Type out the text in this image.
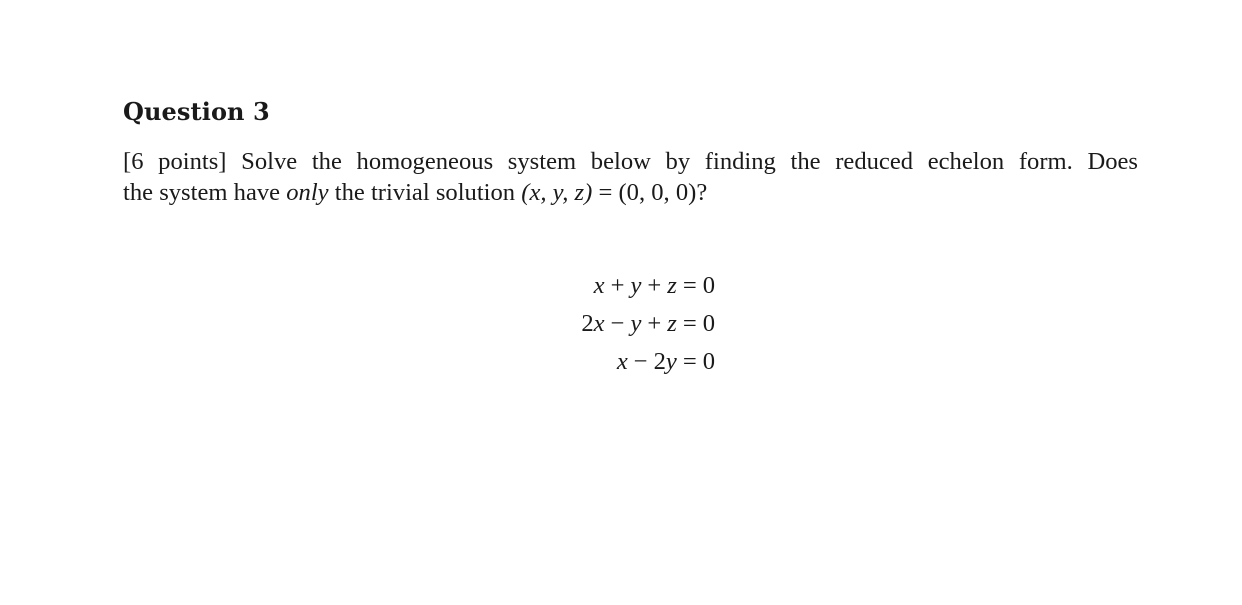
Question 3
[6 points] Solve the homogeneous system below by finding the reduced echelon form. Does
the system have only the trivial solution (x, y, z) = (0, 0, 0)?
x + y + z = 0
2x − y + z = 0
x − 2y = 0
